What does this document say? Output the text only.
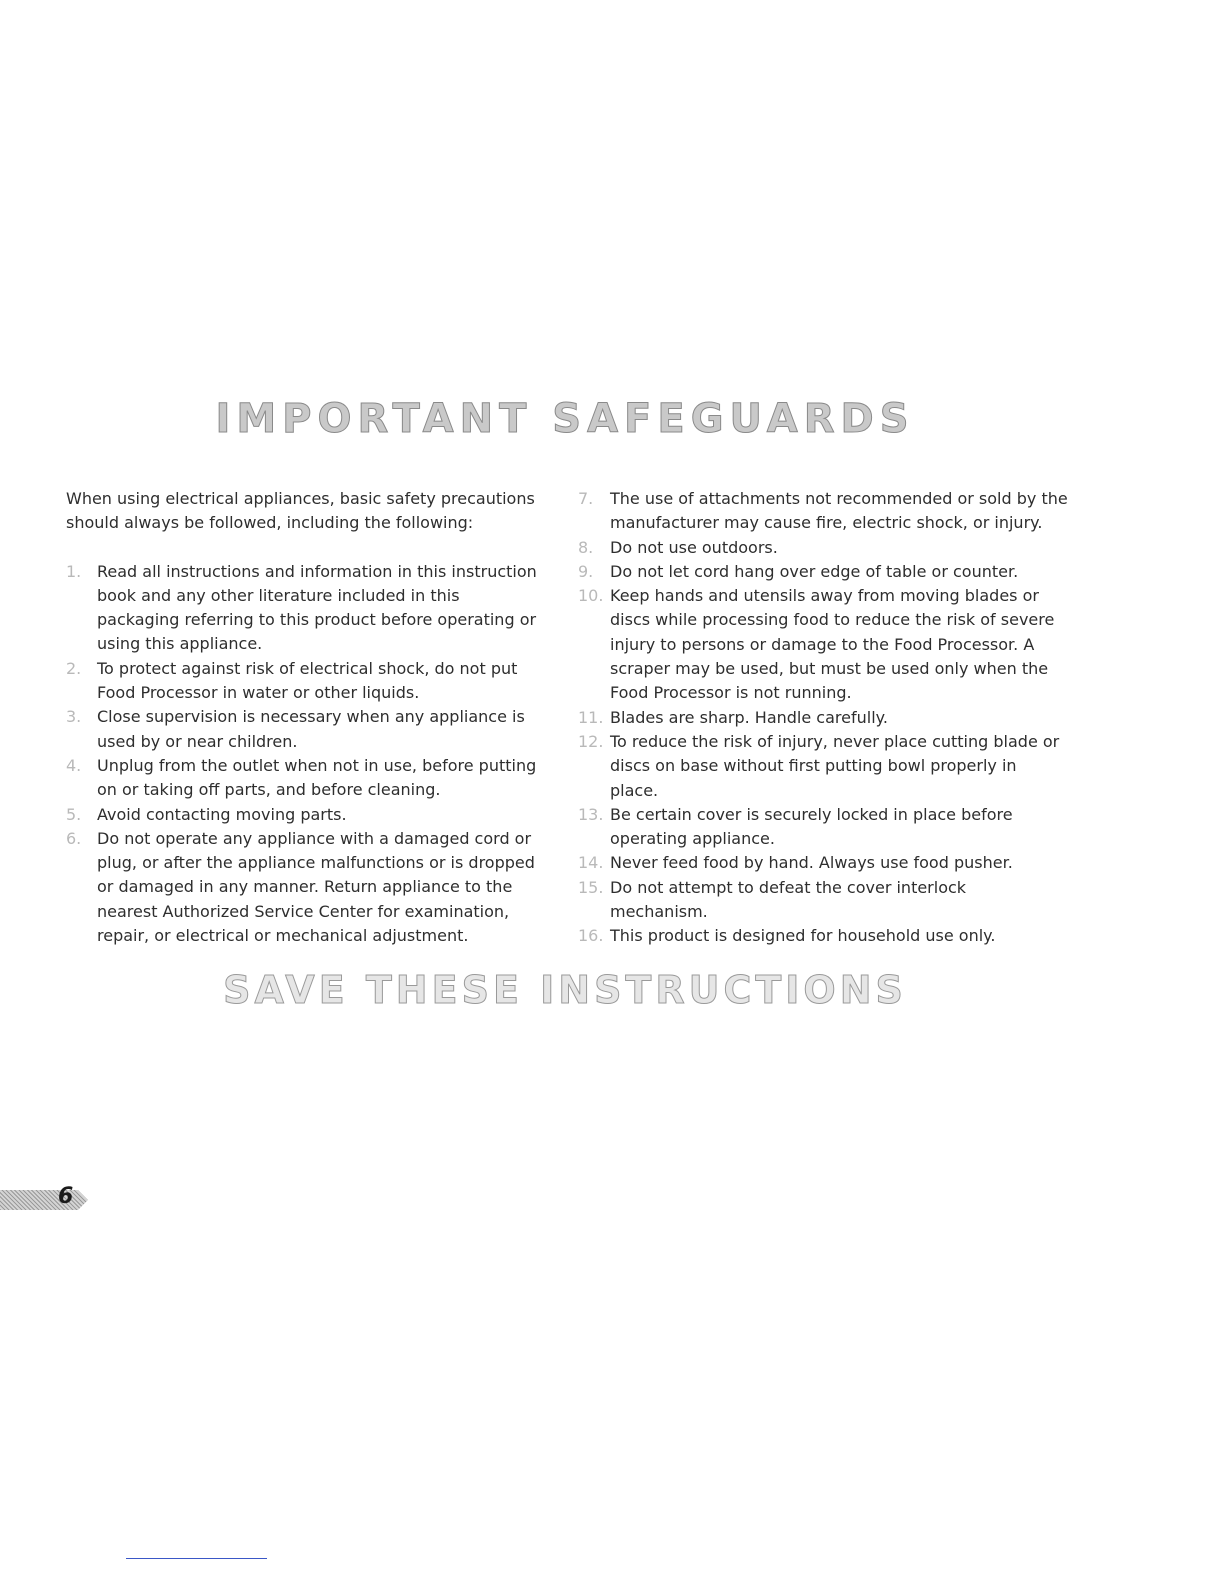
IMPORTANT SAFEGUARDS

When using electrical appliances, basic safety precautions should always be followed, including the following:

1. Read all instructions and information in this instruction book and any other literature included in this packaging referring to this product before operating or using this appliance.
2. To protect against risk of electrical shock, do not put Food Processor in water or other liquids.
3. Close supervision is necessary when any appliance is used by or near children.
4. Unplug from the outlet when not in use, before putting on or taking off parts, and before cleaning.
5. Avoid contacting moving parts.
6. Do not operate any appliance with a damaged cord or plug, or after the appliance malfunctions or is dropped or damaged in any manner. Return appliance to the nearest Authorized Service Center for examination, repair, or electrical or mechanical adjustment.
7.	The use of attachments not recommended or sold by the manufacturer may cause fire, electric shock, or injury.
8.	Do not use outdoors.
9.	Do not let cord hang over edge of table or counter.
10. Keep hands and utensils away from moving blades or discs while processing food to reduce the risk of severe injury to persons or damage to the Food Processor. A scraper may be used, but must be used only when the Food Processor is not running.
11. Blades are sharp. Handle carefully.
12. To reduce the risk of injury, never place cutting blade or discs on base without first putting bowl properly in place.
13. Be certain cover is securely locked in place before operating appliance.
14. Never feed food by hand. Always use food pusher.
15. Do not attempt to defeat the cover interlock mechanism.
16. This product is designed for household use only.
SAVE THESE INSTRUCTIONS
6
